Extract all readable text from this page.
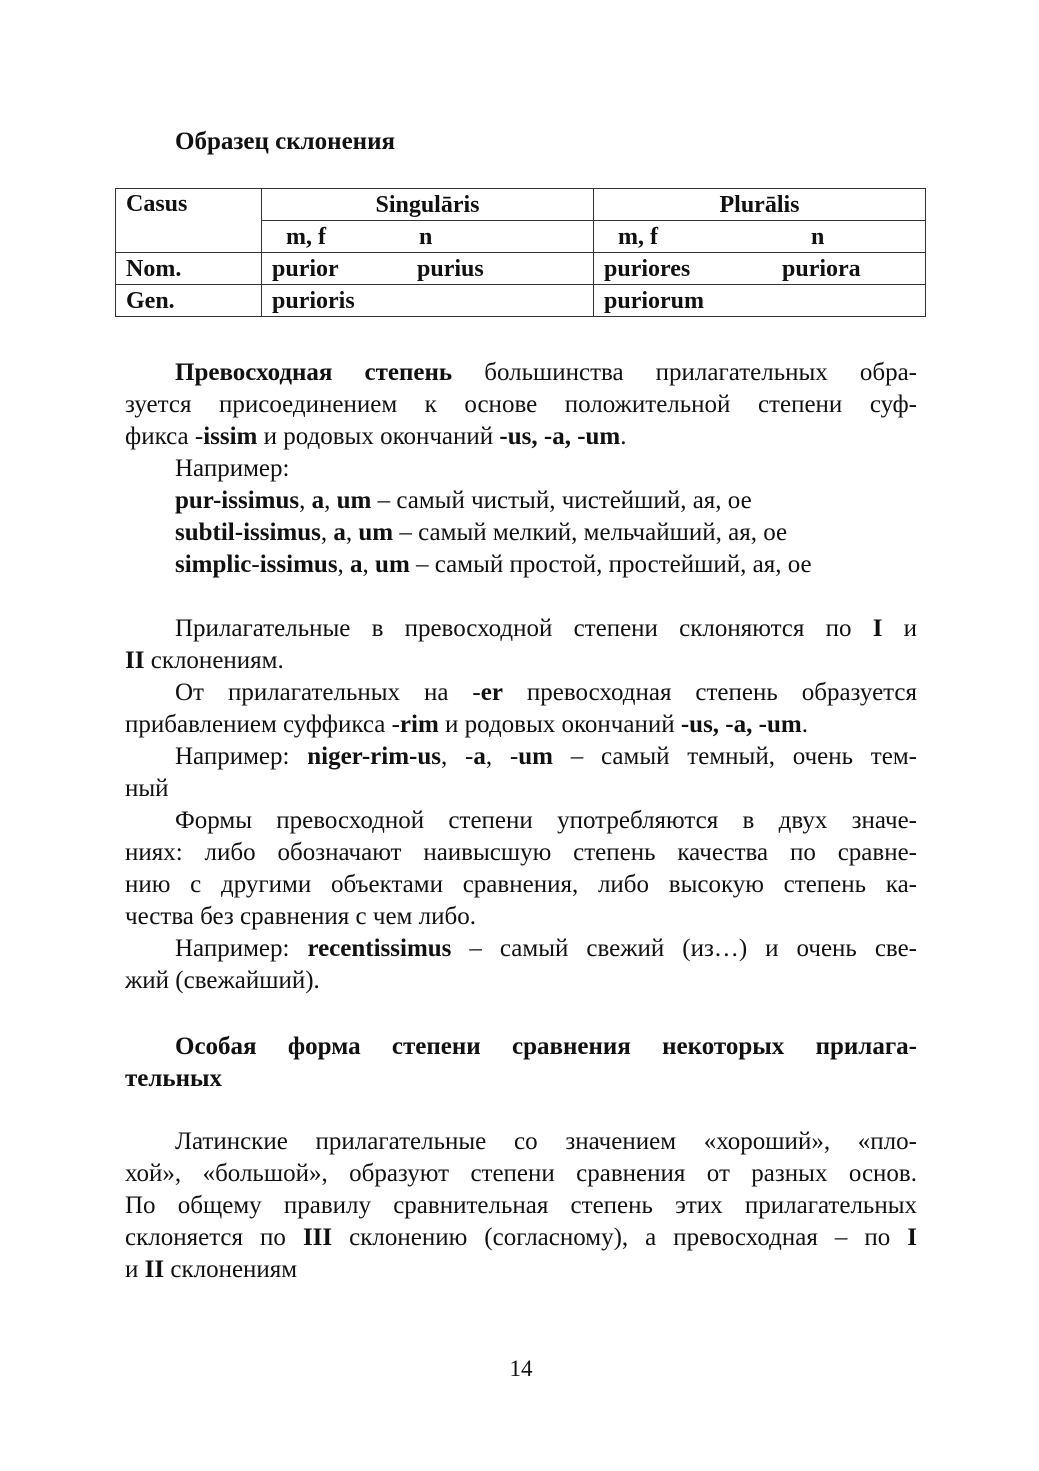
Образец склонения
Casus	Singulāris	Plurālis

	m, f n	m, f n

Nom.	purior purius	puriores puriora

Gen.	purioris	puriorum
Превосходная степень большинства прилагательных обра-
зуется присоединением к основе положительной степени суф-
фикса -issim и родовых окончаний -us, -a, -um.
Например:
pur-issimus, a, um – самый чистый, чистейший, ая, ое
subtil-issimus, a, um – самый мелкий, мельчайший, ая, ое
simplic-issimus, a, um – самый простой, простейший, ая, ое
Прилагательные в превосходной степени склоняются по I и
II склонениям.
От прилагательных на -er превосходная степень образуется
прибавлением суффикса -rim и родовых окончаний -us, -a, -um.
Например: niger-rim-us, -a, -um – самый темный, очень тем-
ный
Формы превосходной степени употребляются в двух значе-
ниях: либо обозначают наивысшую степень качества по сравне-
нию с другими объектами сравнения, либо высокую степень ка-
чества без сравнения с чем либо.
Например: recentissimus – самый свежий (из…) и очень све-
жий (свежайший).
Особая форма степени сравнения некоторых прилага-
тельных
Латинские прилагательные со значением «хороший», «пло-
хой», «большой», образуют степени сравнения от разных основ.
По общему правилу сравнительная степень этих прилагательных
склоняется по III склонению (согласному), а превосходная – по I
и II склонениям
14
